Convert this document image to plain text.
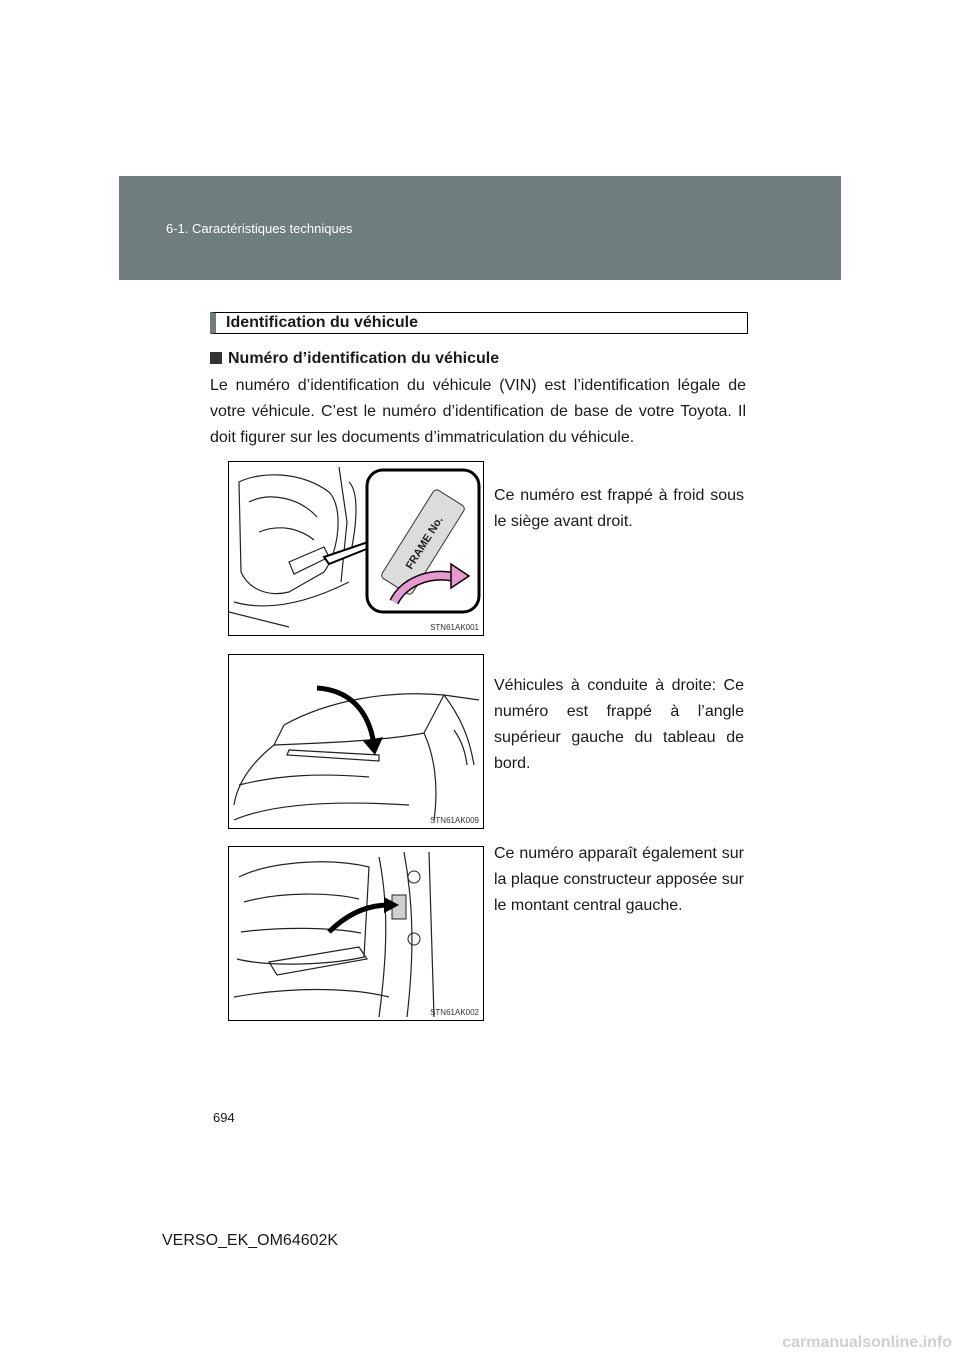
6-1. Caractéristiques techniques
Identification du véhicule
Numéro d’identification du véhicule
Le numéro d’identification du véhicule (VIN) est l’identification légale de votre véhicule. C’est le numéro d’identification de base de votre Toyota. Il doit figurer sur les documents d’immatriculation du véhicule.
FRAME No.
STN61AK001
Ce numéro est frappé à froid sous le siège avant droit.
STN61AK009
Véhicules à conduite à droite: Ce numéro est frappé à l’angle supérieur gauche du tableau de bord.
STN61AK002
Ce numéro apparaît également sur la plaque constructeur apposée sur le montant central gauche.
694
VERSO_EK_OM64602K
carmanualsonline.info
